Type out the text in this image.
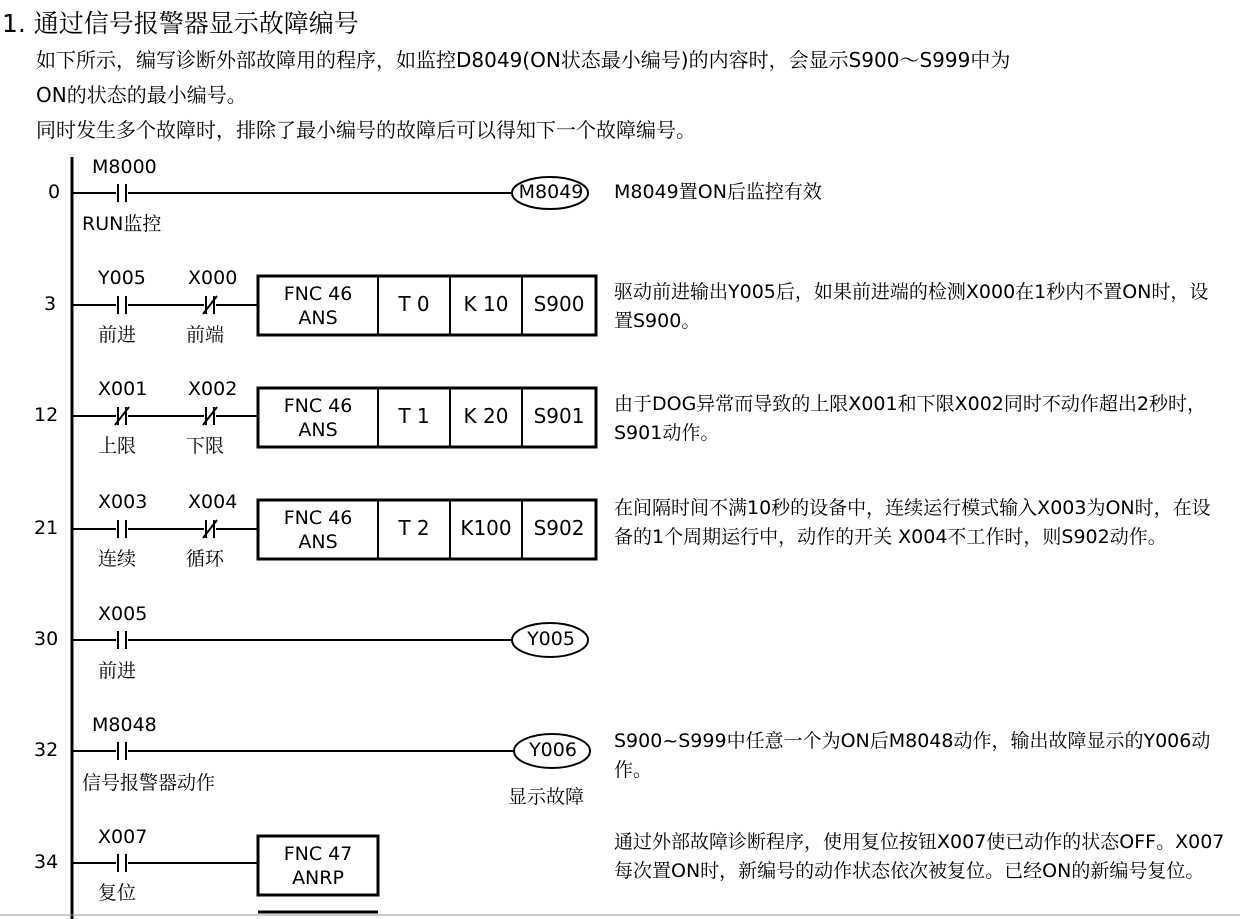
1. 通过信号报警器显示故障编号
如下所示，编写诊断外部故障用的程序，如监控D8049(ON状态最小编号)的内容时，会显示S900～S999中为
ON的状态的最小编号。
同时发生多个故障时，排除了最小编号的故障后可以得知下一个故障编号。
0
3
12
21
30
32
34
M8000
RUN监控
M8049 M8049置ON后监控有效
Y005 X000
前进	前端
FNC 46
ANS
T 0	K 10	S900	驱动前进输出Y005后，如果前进端的检测X000在1秒内不置ON时，设置S900。
X001 X002
上限	下限
FNC 46
ANS
T 1	K 20	S901	由于DOG异常而导致的上限X001和下限X002同时不动作超出2秒时，S901动作。
X003 X004
连续	循环
FNC 46
ANS
T 2	K100	S902
在间隔时间不满10秒的设备中，连续运行模式输入X003为ON时，在设备的1个周期运行中，动作的开关 X004不工作时，则S902动作。
X005
前进
Y005
M8048
信号报警器动作
Y006
显示故障
S900~S999中任意一个为ON后M8048动作，输出故障显示的Y006动作。
X007
复位
FNC 47
ANRP
通过外部故障诊断程序，使用复位按钮X007使已动作的状态OFF。X007每次置ON时，新编号的动作状态依次被复位。已经ON的新编号复位。
